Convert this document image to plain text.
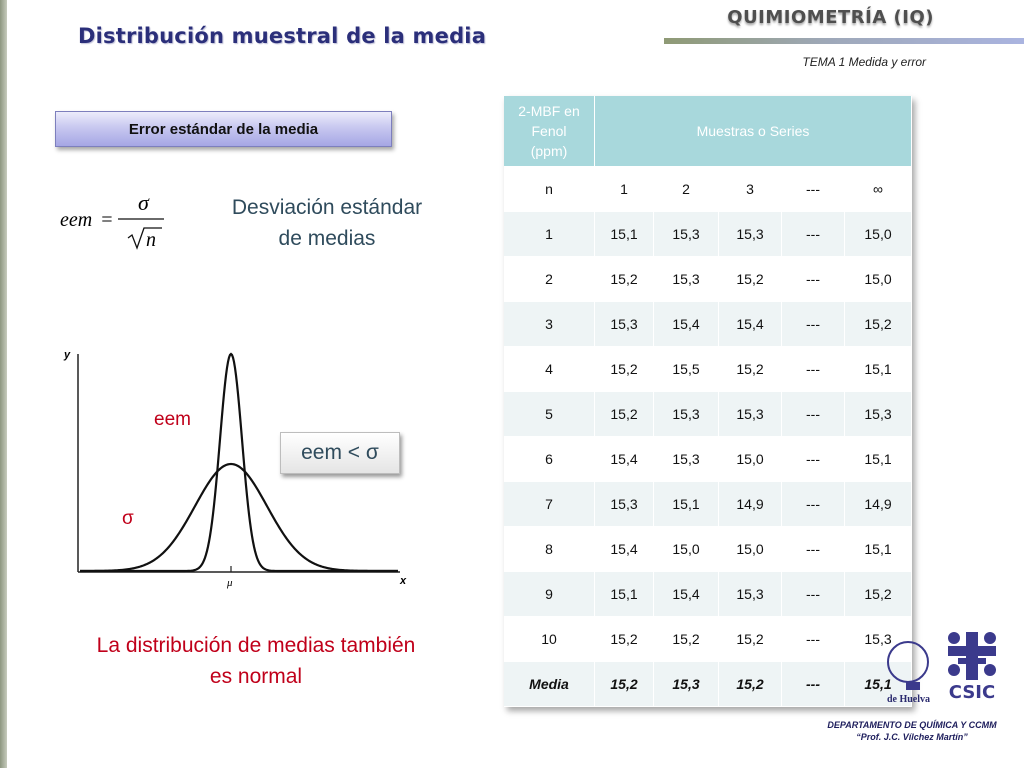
Distribución muestral de la media
QUIMIOMETRÍA (IQ)
TEMA 1 Medida y error
Error estándar de la media
eem =
σ
n
Desviación estándar
de medias
y
x
μ
eem
σ
eem < σ
La distribución de medias también
es normal
2-MBF en
Fenol
(ppm)	Muestras o Series				
n	1	2	3	---	∞
1	15,1	15,3	15,3	---	15,0
2	15,2	15,3	15,2	---	15,0
3	15,3	15,4	15,4	---	15,2
4	15,2	15,5	15,2	---	15,1
5	15,2	15,3	15,3	---	15,3
6	15,4	15,3	15,0	---	15,1
7	15,3	15,1	14,9	---	14,9
8	15,4	15,0	15,0	---	15,1
9	15,1	15,4	15,3	---	15,2
10	15,2	15,2	15,2	---	15,3
Media	15,2	15,3	15,2	---	15,1
de Huelva CSIC
DEPARTAMENTO DE QUÍMICA Y CCMM
“Prof. J.C. Vílchez Martín”
